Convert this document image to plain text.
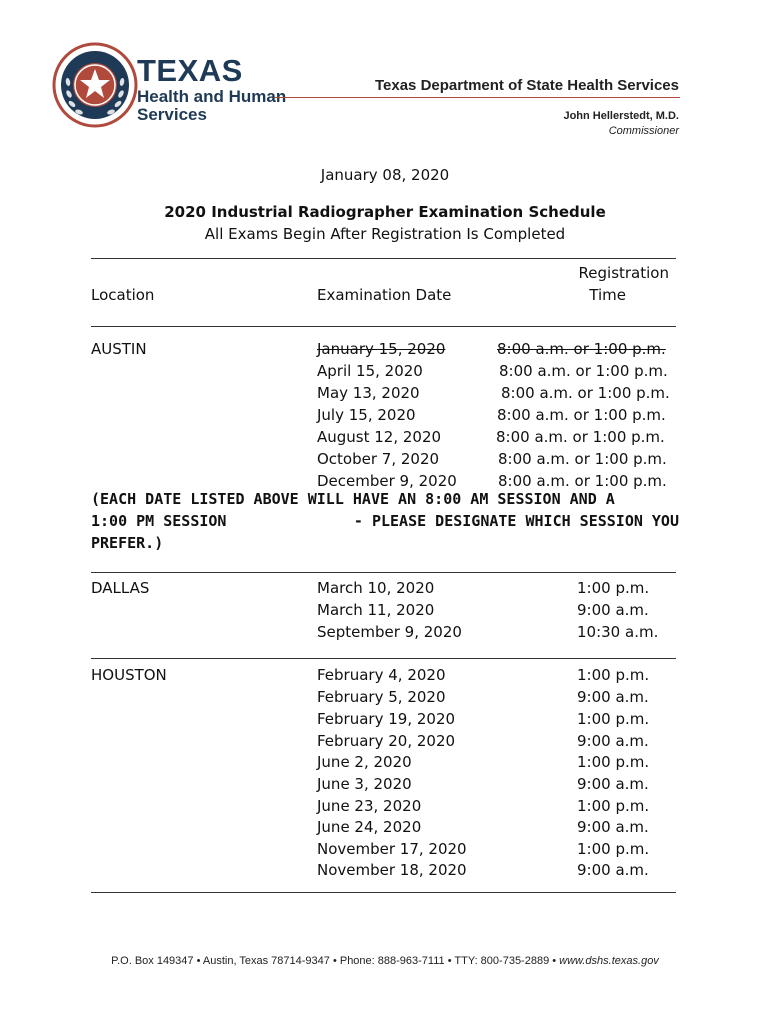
TEXAS
Health and Human
Services
Texas Department of State Health Services
John Hellerstedt, M.D.
Commissioner
January 08, 2020
2020 Industrial Radiographer Examination Schedule
All Exams Begin After Registration Is Completed
Location	Examination Date
Registration
Time
AUSTIN	January 15, 2020	8:00 a.m. or 1:00 p.m.
April 15, 2020	8:00 a.m. or 1:00 p.m.
May 13, 2020	8:00 a.m. or 1:00 p.m.
July 15, 2020	8:00 a.m. or 1:00 p.m.
August 12, 2020	8:00 a.m. or 1:00 p.m.
October 7, 2020	8:00 a.m. or 1:00 p.m.
December 9, 2020	8:00 a.m. or 1:00 p.m.
(EACH DATE LISTED ABOVE WILL HAVE AN 8:00 AM SESSION AND A
1:00 PM SESSION	- PLEASE DESIGNATE WHICH SESSION YOU
PREFER.)
DALLAS	March 10, 2020	1:00 p.m.
March 11, 2020	9:00 a.m.
September 9, 2020	10:30 a.m.
HOUSTON	February 4, 2020	1:00 p.m.
February 5, 2020	9:00 a.m.
February 19, 2020	1:00 p.m.
February 20, 2020	9:00 a.m.
June 2, 2020	1:00 p.m.
June 3, 2020	9:00 a.m.
June 23, 2020	1:00 p.m.
June 24, 2020	9:00 a.m.
November 17, 2020	1:00 p.m.
November 18, 2020	9:00 a.m.
P.O. Box 149347 • Austin, Texas 78714-9347 • Phone: 888-963-7111 • TTY: 800-735-2889 • www.dshs.texas.gov
